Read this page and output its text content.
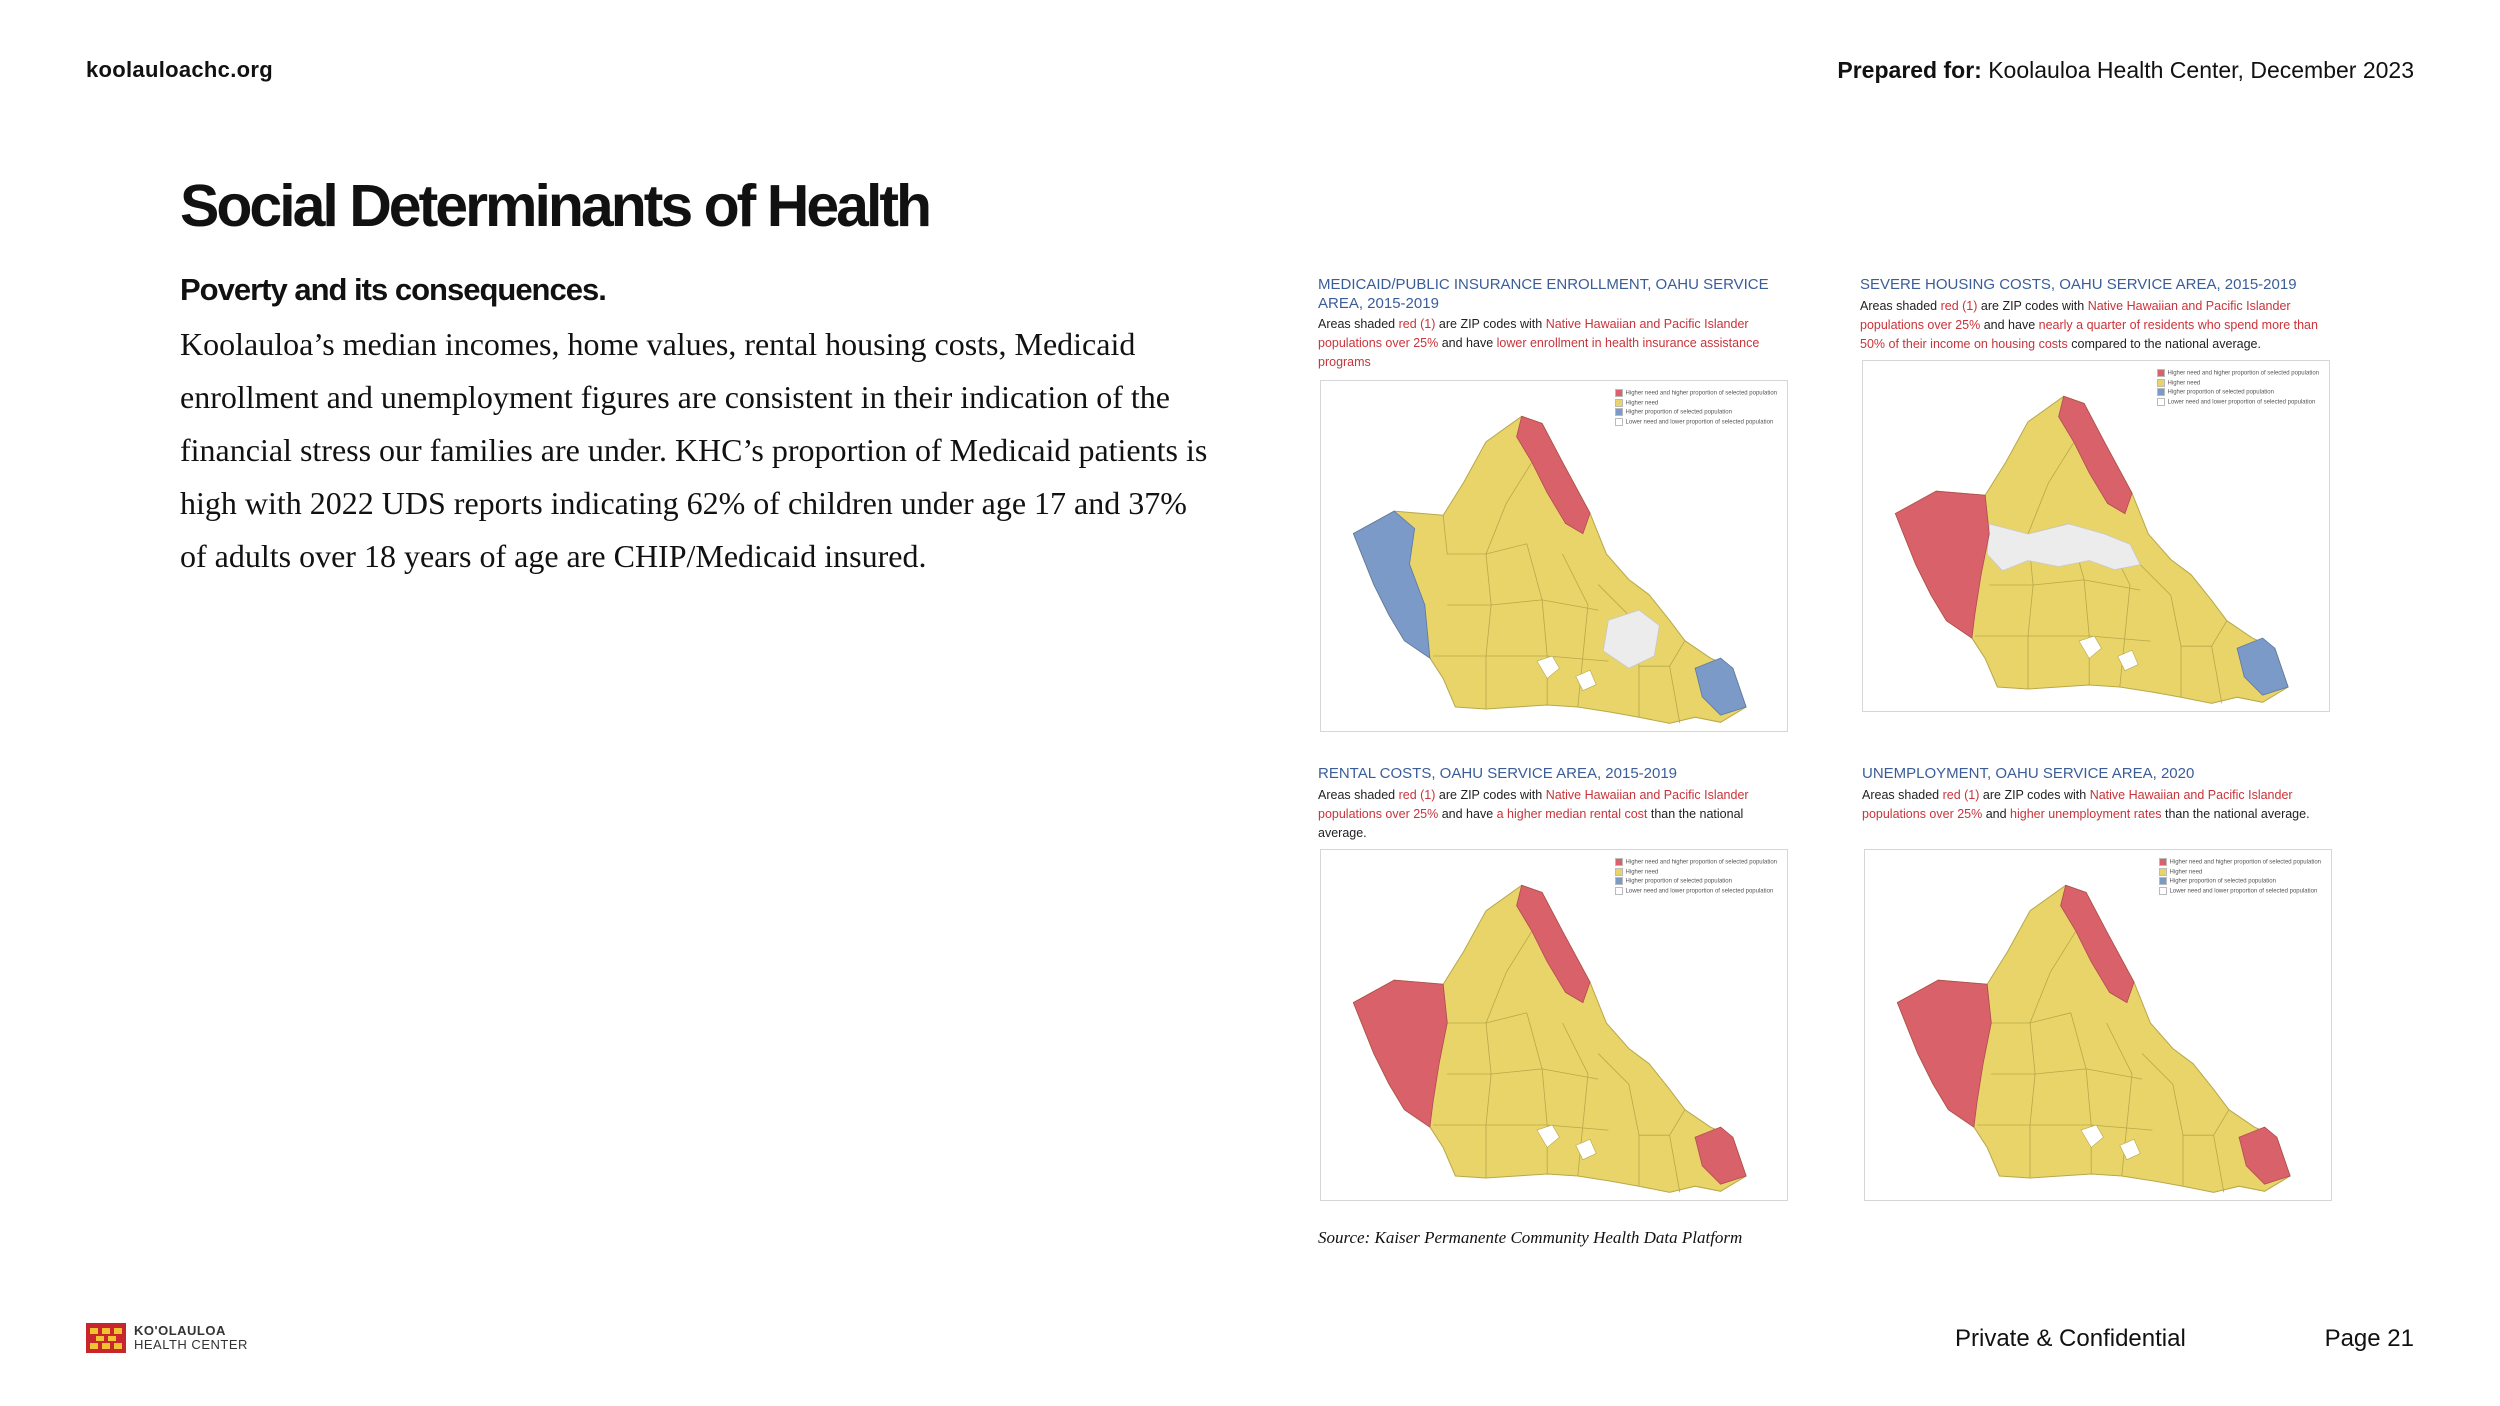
koolauloachc.org	Prepared for: Koolauloa Health Center, December 2023
Social Determinants of Health
Poverty and its consequences.

Koolauloa’s median incomes, home values, rental housing costs, Medicaid enrollment and unemployment figures are consistent in their indication of the financial stress our families are under. KHC’s proportion of Medicaid patients is high with 2022 UDS reports indicating 62% of children under age 17 and 37% of adults over 18 years of age are CHIP/Medicaid insured.

MEDICAID/PUBLIC INSURANCE ENROLLMENT, OAHU SERVICE AREA, 2015-2019
Areas shaded red (1) are ZIP codes with Native Hawaiian and Pacific Islander populations over 25% and have lower enrollment in health insurance assistance programs
Higher need and higher proportion of selected population
Higher need
Higher proportion of selected population
Lower need and lower proportion of selected population
SEVERE HOUSING COSTS, OAHU SERVICE AREA, 2015-2019
Areas shaded red (1) are ZIP codes with Native Hawaiian and Pacific Islander populations over 25% and have nearly a quarter of residents who spend more than 50% of their income on housing costs compared to the national average.
Higher need and higher proportion of selected population
Higher need
Higher proportion of selected population
Lower need and lower proportion of selected population
RENTAL COSTS, OAHU SERVICE AREA, 2015-2019
Areas shaded red (1) are ZIP codes with Native Hawaiian and Pacific Islander populations over 25% and have a higher median rental cost than the national average.
Higher need and higher proportion of selected population
Higher need
Higher proportion of selected population
Lower need and lower proportion of selected population
UNEMPLOYMENT, OAHU SERVICE AREA, 2020
Areas shaded red (1) are ZIP codes with Native Hawaiian and Pacific Islander populations over 25% and higher unemployment rates than the national average.
Higher need and higher proportion of selected population
Higher need
Higher proportion of selected population
Lower need and lower proportion of selected population
Source: Kaiser Permanente Community Health Data Platform
KO'OLAULOA
HEALTH CENTER	Private & Confidential	Page 21
